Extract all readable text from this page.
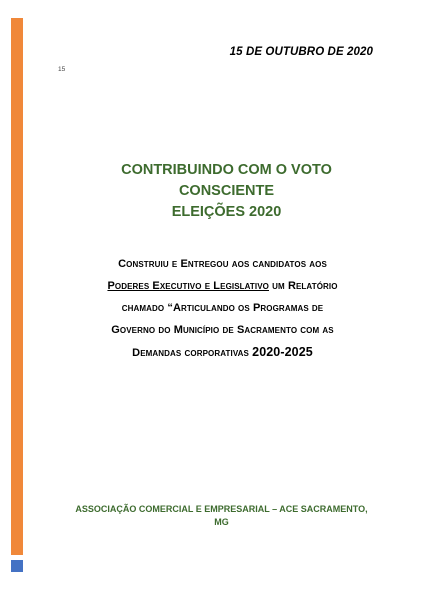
15 DE OUTUBRO DE 2020
15
CONTRIBUINDO COM O VOTO
CONSCIENTE
ELEIÇÕES 2020
Construiu e Entregou aos candidatos aos
Poderes Executivo e Legislativo um Relatório
chamado “Articulando os Programas de
Governo do Município de Sacramento com as
Demandas corporativas 2020-2025
ASSOCIAÇÃO COMERCIAL E EMPRESARIAL – ACE SACRAMENTO,
MG
